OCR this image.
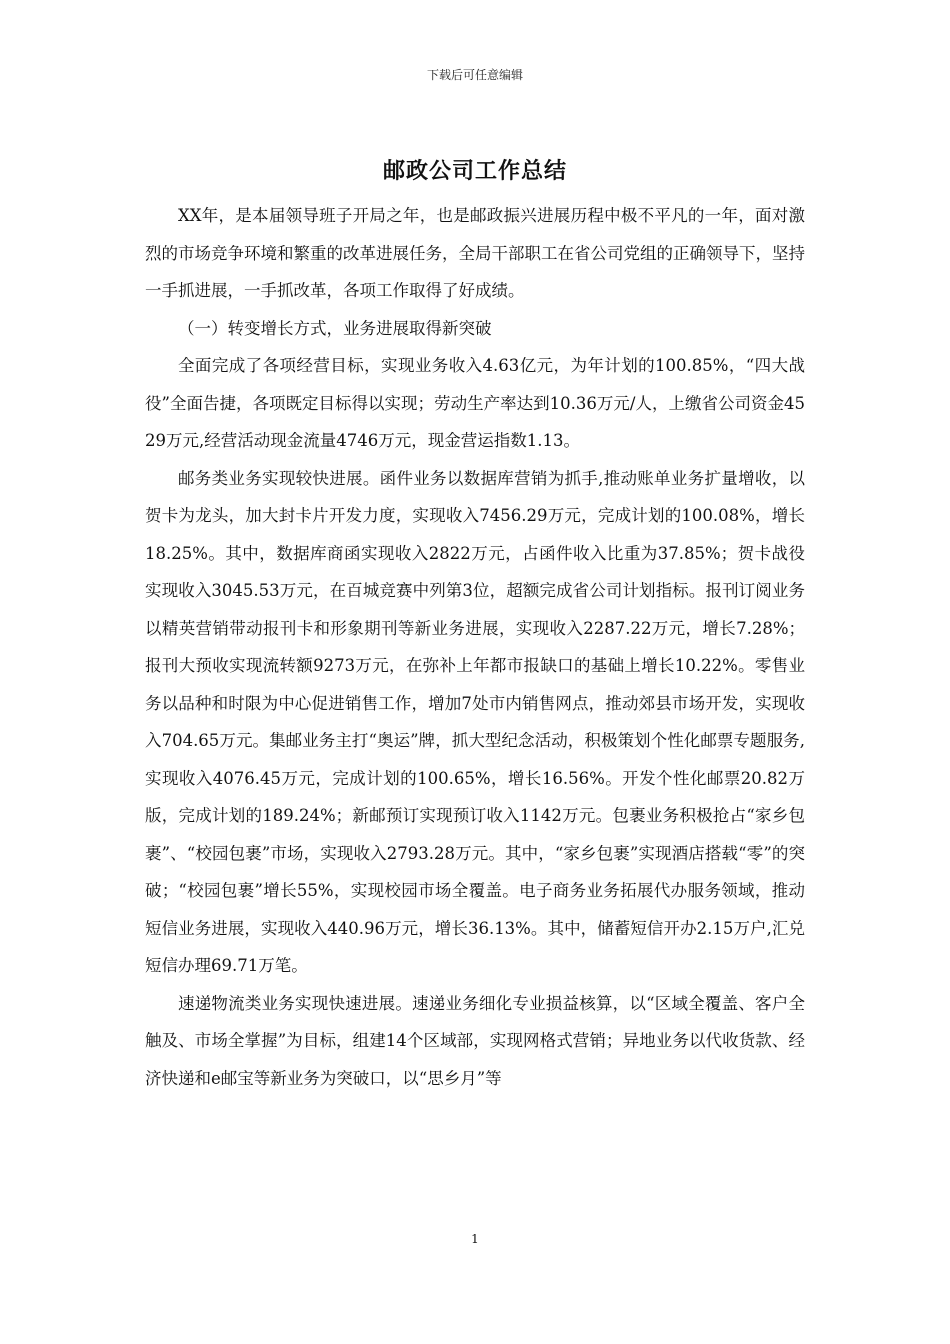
下载后可任意编辑
邮政公司工作总结

XX年，是本届领导班子开局之年，也是邮政振兴进展历程中极不平凡的一年，面对激烈的市场竞争环境和繁重的改革进展任务，全局干部职工在省公司党组的正确领导下，坚持一手抓进展，一手抓改革，各项工作取得了好成绩。

（一）转变增长方式，业务进展取得新突破

全面完成了各项经营目标，实现业务收入4.63亿元，为年计划的100.85%，“四大战役”全面告捷，各项既定目标得以实现；劳动生产率达到10.36万元/人，上缴省公司资金4529万元,经营活动现金流量4746万元，现金营运指数1.13。

邮务类业务实现较快进展。函件业务以数据库营销为抓手,推动账单业务扩量增收，以贺卡为龙头，加大封卡片开发力度，实现收入7456.29万元，完成计划的100.08%，增长18.25%。其中，数据库商函实现收入2822万元，占函件收入比重为37.85%；贺卡战役实现收入3045.53万元，在百城竞赛中列第3位，超额完成省公司计划指标。报刊订阅业务以精英营销带动报刊卡和形象期刊等新业务进展，实现收入2287.22万元，增长7.28%；报刊大预收实现流转额9273万元，在弥补上年都市报缺口的基础上增长10.22%。零售业务以品种和时限为中心促进销售工作，增加7处市内销售网点，推动郊县市场开发，实现收入704.65万元。集邮业务主打“奥运”牌，抓大型纪念活动，积极策划个性化邮票专题服务,实现收入4076.45万元，完成计划的100.65%，增长16.56%。开发个性化邮票20.82万版，完成计划的189.24%；新邮预订实现预订收入1142万元。包裹业务积极抢占“家乡包裹”、“校园包裹”市场，实现收入2793.28万元。其中，“家乡包裹”实现酒店搭载“零”的突破；“校园包裹”增长55%，实现校园市场全覆盖。电子商务业务拓展代办服务领域，推动短信业务进展，实现收入440.96万元，增长36.13%。其中，储蓄短信开办2.15万户,汇兑短信办理69.71万笔。

速递物流类业务实现快速进展。速递业务细化专业损益核算，以“区域全覆盖、客户全触及、市场全掌握”为目标，组建14个区域部，实现网格式营销；异地业务以代收货款、经济快递和e邮宝等新业务为突破口，以“思乡月”等

1
